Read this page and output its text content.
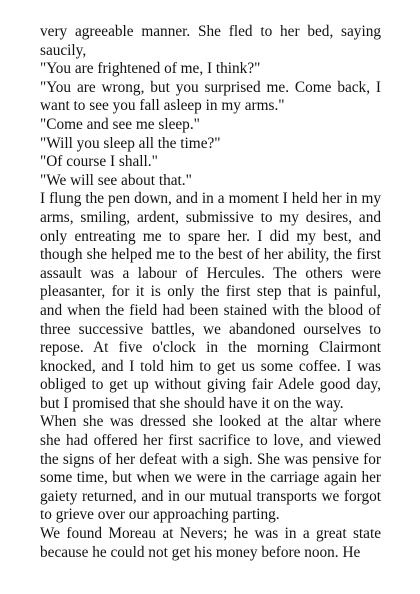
very agreeable manner. She fled to her bed, saying saucily,

"You are frightened of me, I think?"

"You are wrong, but you surprised me. Come back, I want to see you fall asleep in my arms."

"Come and see me sleep."

"Will you sleep all the time?"

"Of course I shall."

"We will see about that."

I flung the pen down, and in a moment I held her in my arms, smiling, ardent, submissive to my desires, and only entreating me to spare her. I did my best, and though she helped me to the best of her ability, the first assault was a labour of Hercules. The others were pleasanter, for it is only the first step that is painful, and when the field had been stained with the blood of three successive battles, we abandoned ourselves to repose. At five o'clock in the morning Clairmont knocked, and I told him to get us some coffee. I was obliged to get up without giving fair Adele good day, but I promised that she should have it on the way.

When she was dressed she looked at the altar where she had offered her first sacrifice to love, and viewed the signs of her defeat with a sigh. She was pensive for some time, but when we were in the carriage again her gaiety returned, and in our mutual transports we forgot to grieve over our approaching parting.

We found Moreau at Nevers; he was in a great state because he could not get his money before noon. He
